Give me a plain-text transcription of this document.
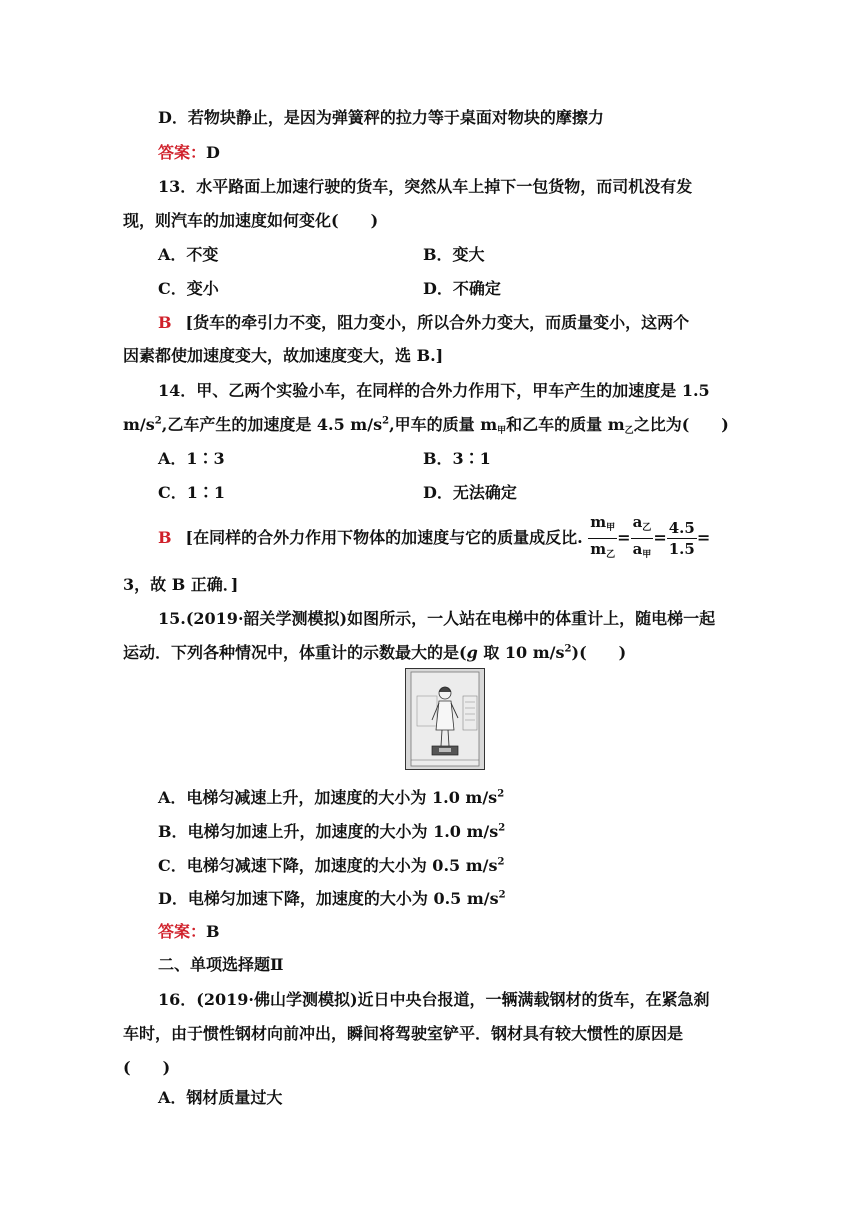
D．若物块静止，是因为弹簧秤的拉力等于桌面对物块的摩擦力
答案：D
13．水平路面上加速行驶的货车，突然从车上掉下一包货物，而司机没有发
现，则汽车的加速度如何变化(　　)
A．不变	B．变大
C．变小	D．不确定
B [货车的牵引力不变，阻力变小，所以合外力变大，而质量变小，这两个
因素都使加速度变大，故加速度变大，选 B.]
14．甲、乙两个实验小车，在同样的合外力作用下，甲车产生的加速度是 1.5
$m/s^2$,乙车产生的加速度是 4.5 $m/s^2$,甲车的质量 $m_甲$和乙车的质量 $m_乙$之比为(　　)
A．1∶3	B．3∶1
C．1∶1	D．无法确定
B [在同样的合外力作用下物体的加速度与它的质量成反比. $\frac{m_甲}{m_乙} = \frac{a_乙}{a_甲} = \frac{4.5}{1.5}$ =
3，故 B 正确．]
15.(2019·韶关学测模拟)如图所示，一人站在电梯中的体重计上，随电梯一起
运动．下列各种情况中，体重计的示数最大的是(g 取 10 $m/s^2$)(　　)
A．电梯匀减速上升，加速度的大小为 1.0 $m/s^2$
B．电梯匀加速上升，加速度的大小为 1.0 $m/s^2$
C．电梯匀减速下降，加速度的大小为 0.5 $m/s^2$
D．电梯匀加速下降，加速度的大小为 0.5 $m/s^2$
答案：B
二、单项选择题Ⅱ
16．(2019·佛山学测模拟)近日中央台报道，一辆满载钢材的货车，在紧急刹
车时，由于惯性钢材向前冲出，瞬间将驾驶室铲平．钢材具有较大惯性的原因是
(　　)
A．钢材质量过大
